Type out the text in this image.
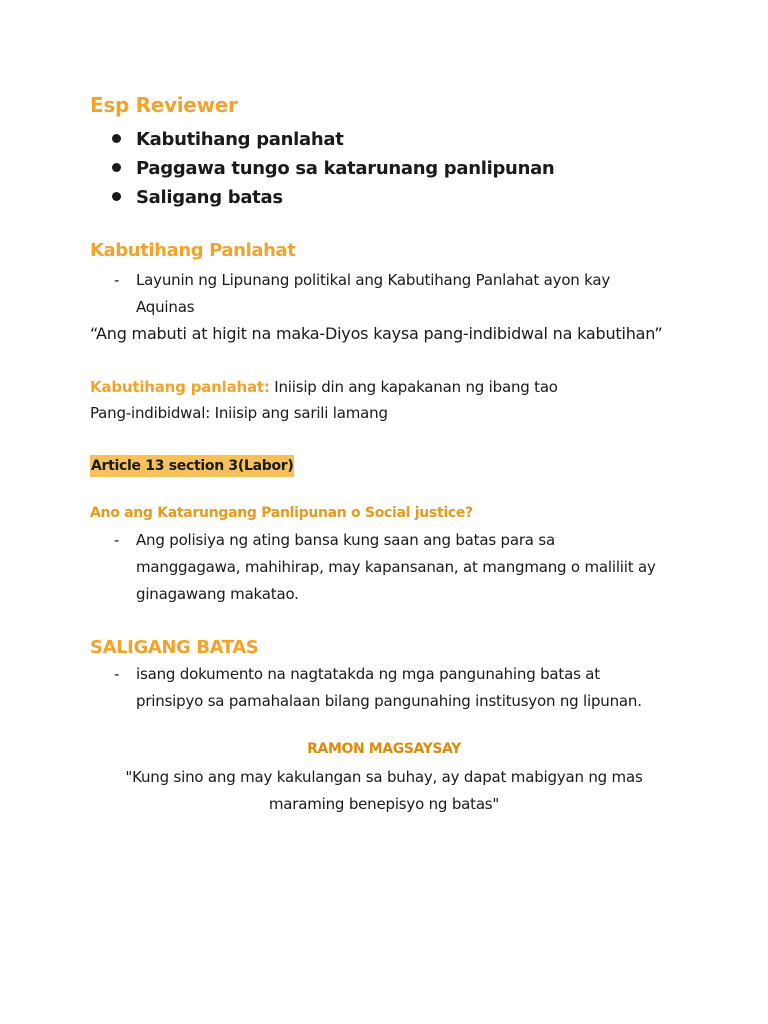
Esp Reviewer
Kabutihang panlahat
Paggawa tungo sa katarunang panlipunan
Saligang batas
Kabutihang Panlahat
- Layunin ng Lipunang politikal ang Kabutihang Panlahat ayon kay
Aquinas
“Ang mabuti at higit na maka-Diyos kaysa pang-indibidwal na kabutihan”
Kabutihang panlahat: Iniisip din ang kapakanan ng ibang tao
Pang-indibidwal: Iniisip ang sarili lamang
Article 13 section 3(Labor)
Ano ang Katarungang Panlipunan o Social justice?
- Ang polisiya ng ating bansa kung saan ang batas para sa
manggagawa, mahihirap, may kapansanan, at mangmang o maliliit ay
ginagawang makatao.
SALIGANG BATAS
- isang dokumento na nagtatakda ng mga pangunahing batas at
prinsipyo sa pamahalaan bilang pangunahing institusyon ng lipunan.
RAMON MAGSAYSAY
"Kung sino ang may kakulangan sa buhay, ay dapat mabigyan ng mas
maraming benepisyo ng batas"
